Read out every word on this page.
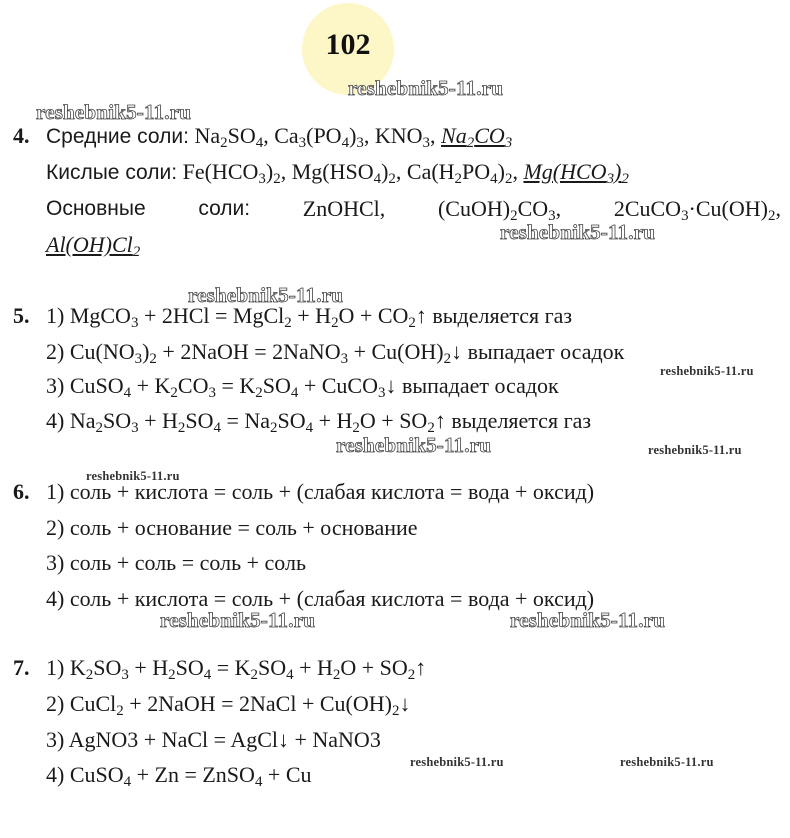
102
reshebnik5-11.ru
reshebnik5-11.ru
reshebnik5-11.ru
reshebnik5-11.ru
reshebnik5-11.ru
reshebnik5-11.ru	reshebnik5-11.ru
reshebnik5-11.ru
reshebnik5-11.ru	reshebnik5-11.ru
reshebnik5-11.ru	reshebnik5-11.ru
4. Средние соли: $Na_2SO_4$, $Ca_3(PO_4)_3$, $KNO_3$, $Na_2CO_3$
Кислые соли: $Fe(HCO_3)_2$, $Mg(HSO_4)_2$, $Ca(H_2PO_4)_2$, $Mg(HCO_3)_2$
Основные	соли: ZnOHCl, $(CuOH)_2CO_3$, $2CuCO_3\cdot Cu(OH)_2$,
$Al(OH)Cl_2$
5. 1) MgCO$_3$ + 2HCl = MgCl$_2$ + $H_2O$ + $CO_2↑$ выделяется газ
2) $Cu(NO_3)_2$ + 2NaOH = 2NaNO$_3$ + $Cu(OH)_2↓$ выпадает осадок
3) CuSO$_4$ + $K_2CO_3 = K_2SO_4$ + CuCO$_3$↓ выпадает осадок
4) $Na_2SO_3 + H_2SO_4 = Na_2SO_4 + H_2O$ + $SO_2↑$ выделяется газ
6. 1) соль + кислота = соль + (слабая кислота = вода + оксид)
2) соль + основание = соль + основание
3) соль + соль = соль + соль
4) соль + кислота = соль + (слабая кислота = вода + оксид)
7. 1) $K_2SO_3 + H_2SO_4 = K_2SO_4 + H_2O$ + $SO_2↑$
2) CuCl$_2$ + 2NaOH = 2NaCl + $Cu(OH)_2↓$
3) AgNO3 + NaCl = AgCl↓ + NaNO3
4) CuSO$_4$ + Zn = ZnSO$_4$ + Cu
